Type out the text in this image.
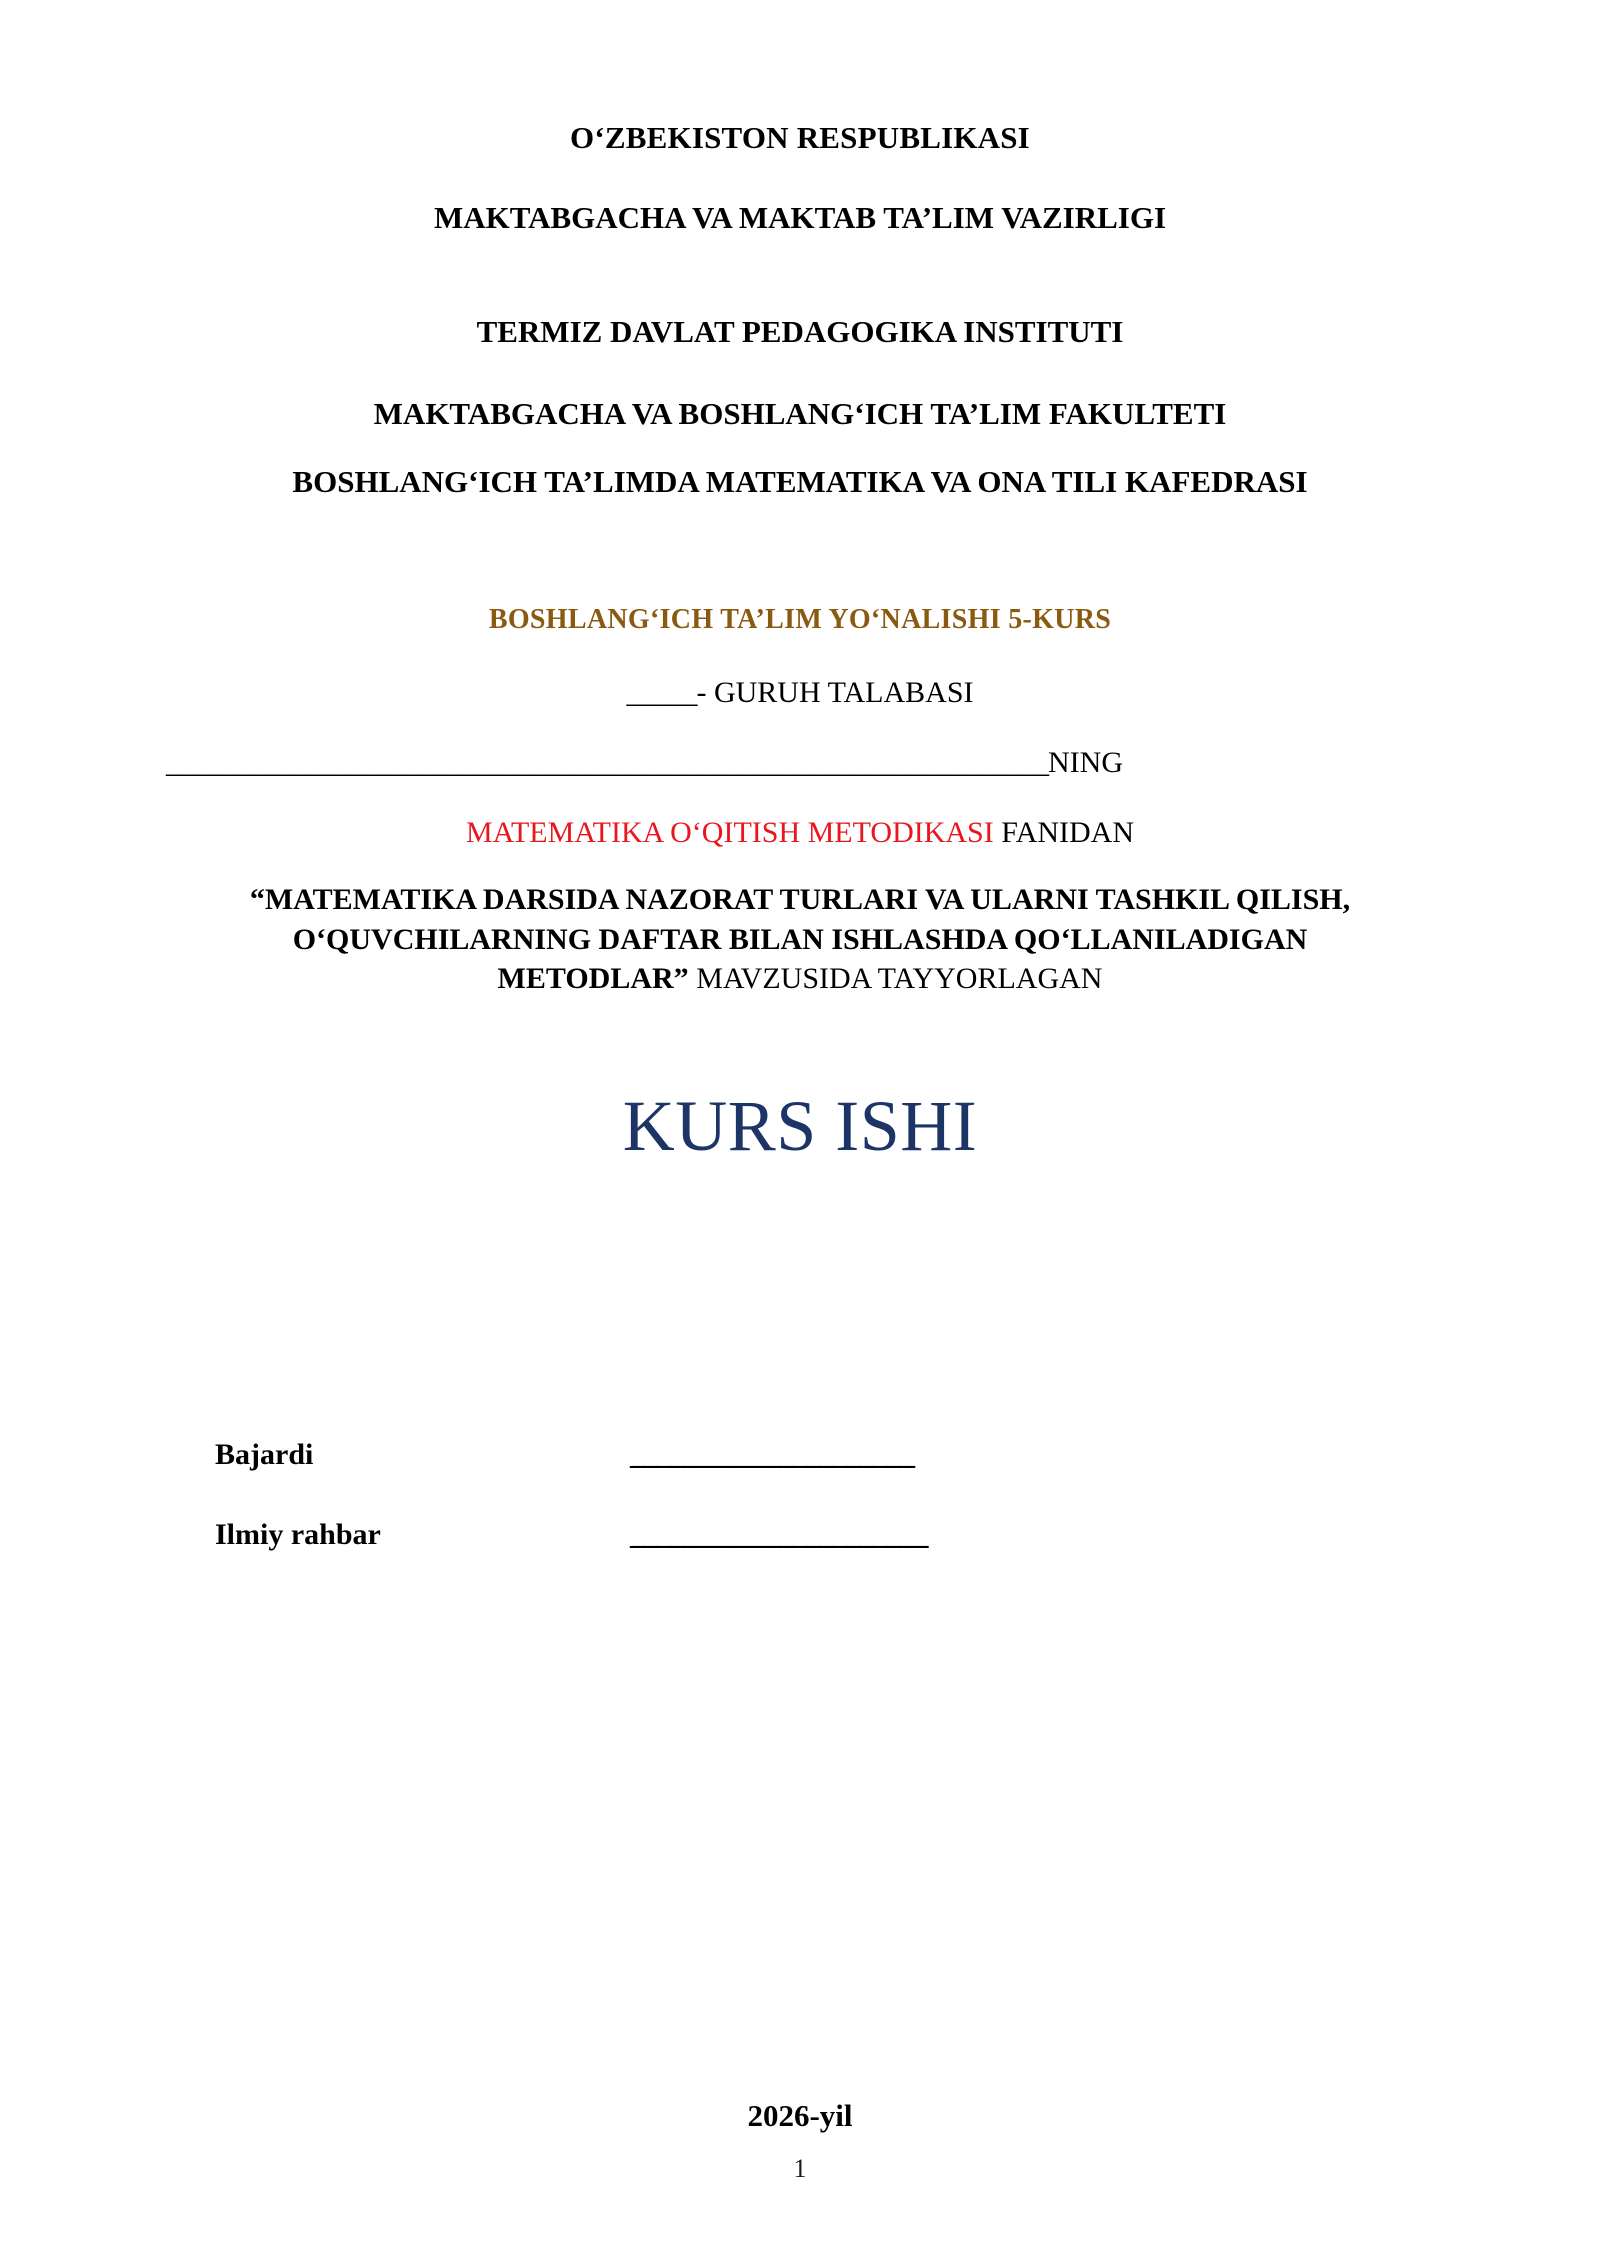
O‘ZBEKISTON RESPUBLIKASI
MAKTABGACHA VA MAKTAB TA’LIM VAZIRLIGI
TERMIZ DAVLAT PEDAGOGIKA INSTITUTI
MAKTABGACHA VA BOSHLANG‘ICH TA’LIM FAKULTETI
BOSHLANG‘ICH TA’LIMDA MATEMATIKA VA ONA TILI KAFEDRASI
BOSHLANG‘ICH TA’LIM YO‘NALISHI 5-KURS
_____- GURUH TALABASI
_______________________________________________________________NING
MATEMATIKA O‘QITISH METODIKASI FANIDAN
“MATEMATIKA DARSIDA NAZORAT TURLARI VA ULARNI TASHKIL QILISH, O‘QUVCHILARNING DAFTAR BILAN ISHLASHDA QO‘LLANILADIGAN METODLAR” MAVZUSIDA TAYYORLAGAN
KURS ISHI
Bajardi	_____________________
Ilmiy rahbar	______________________
2026-yil
1
